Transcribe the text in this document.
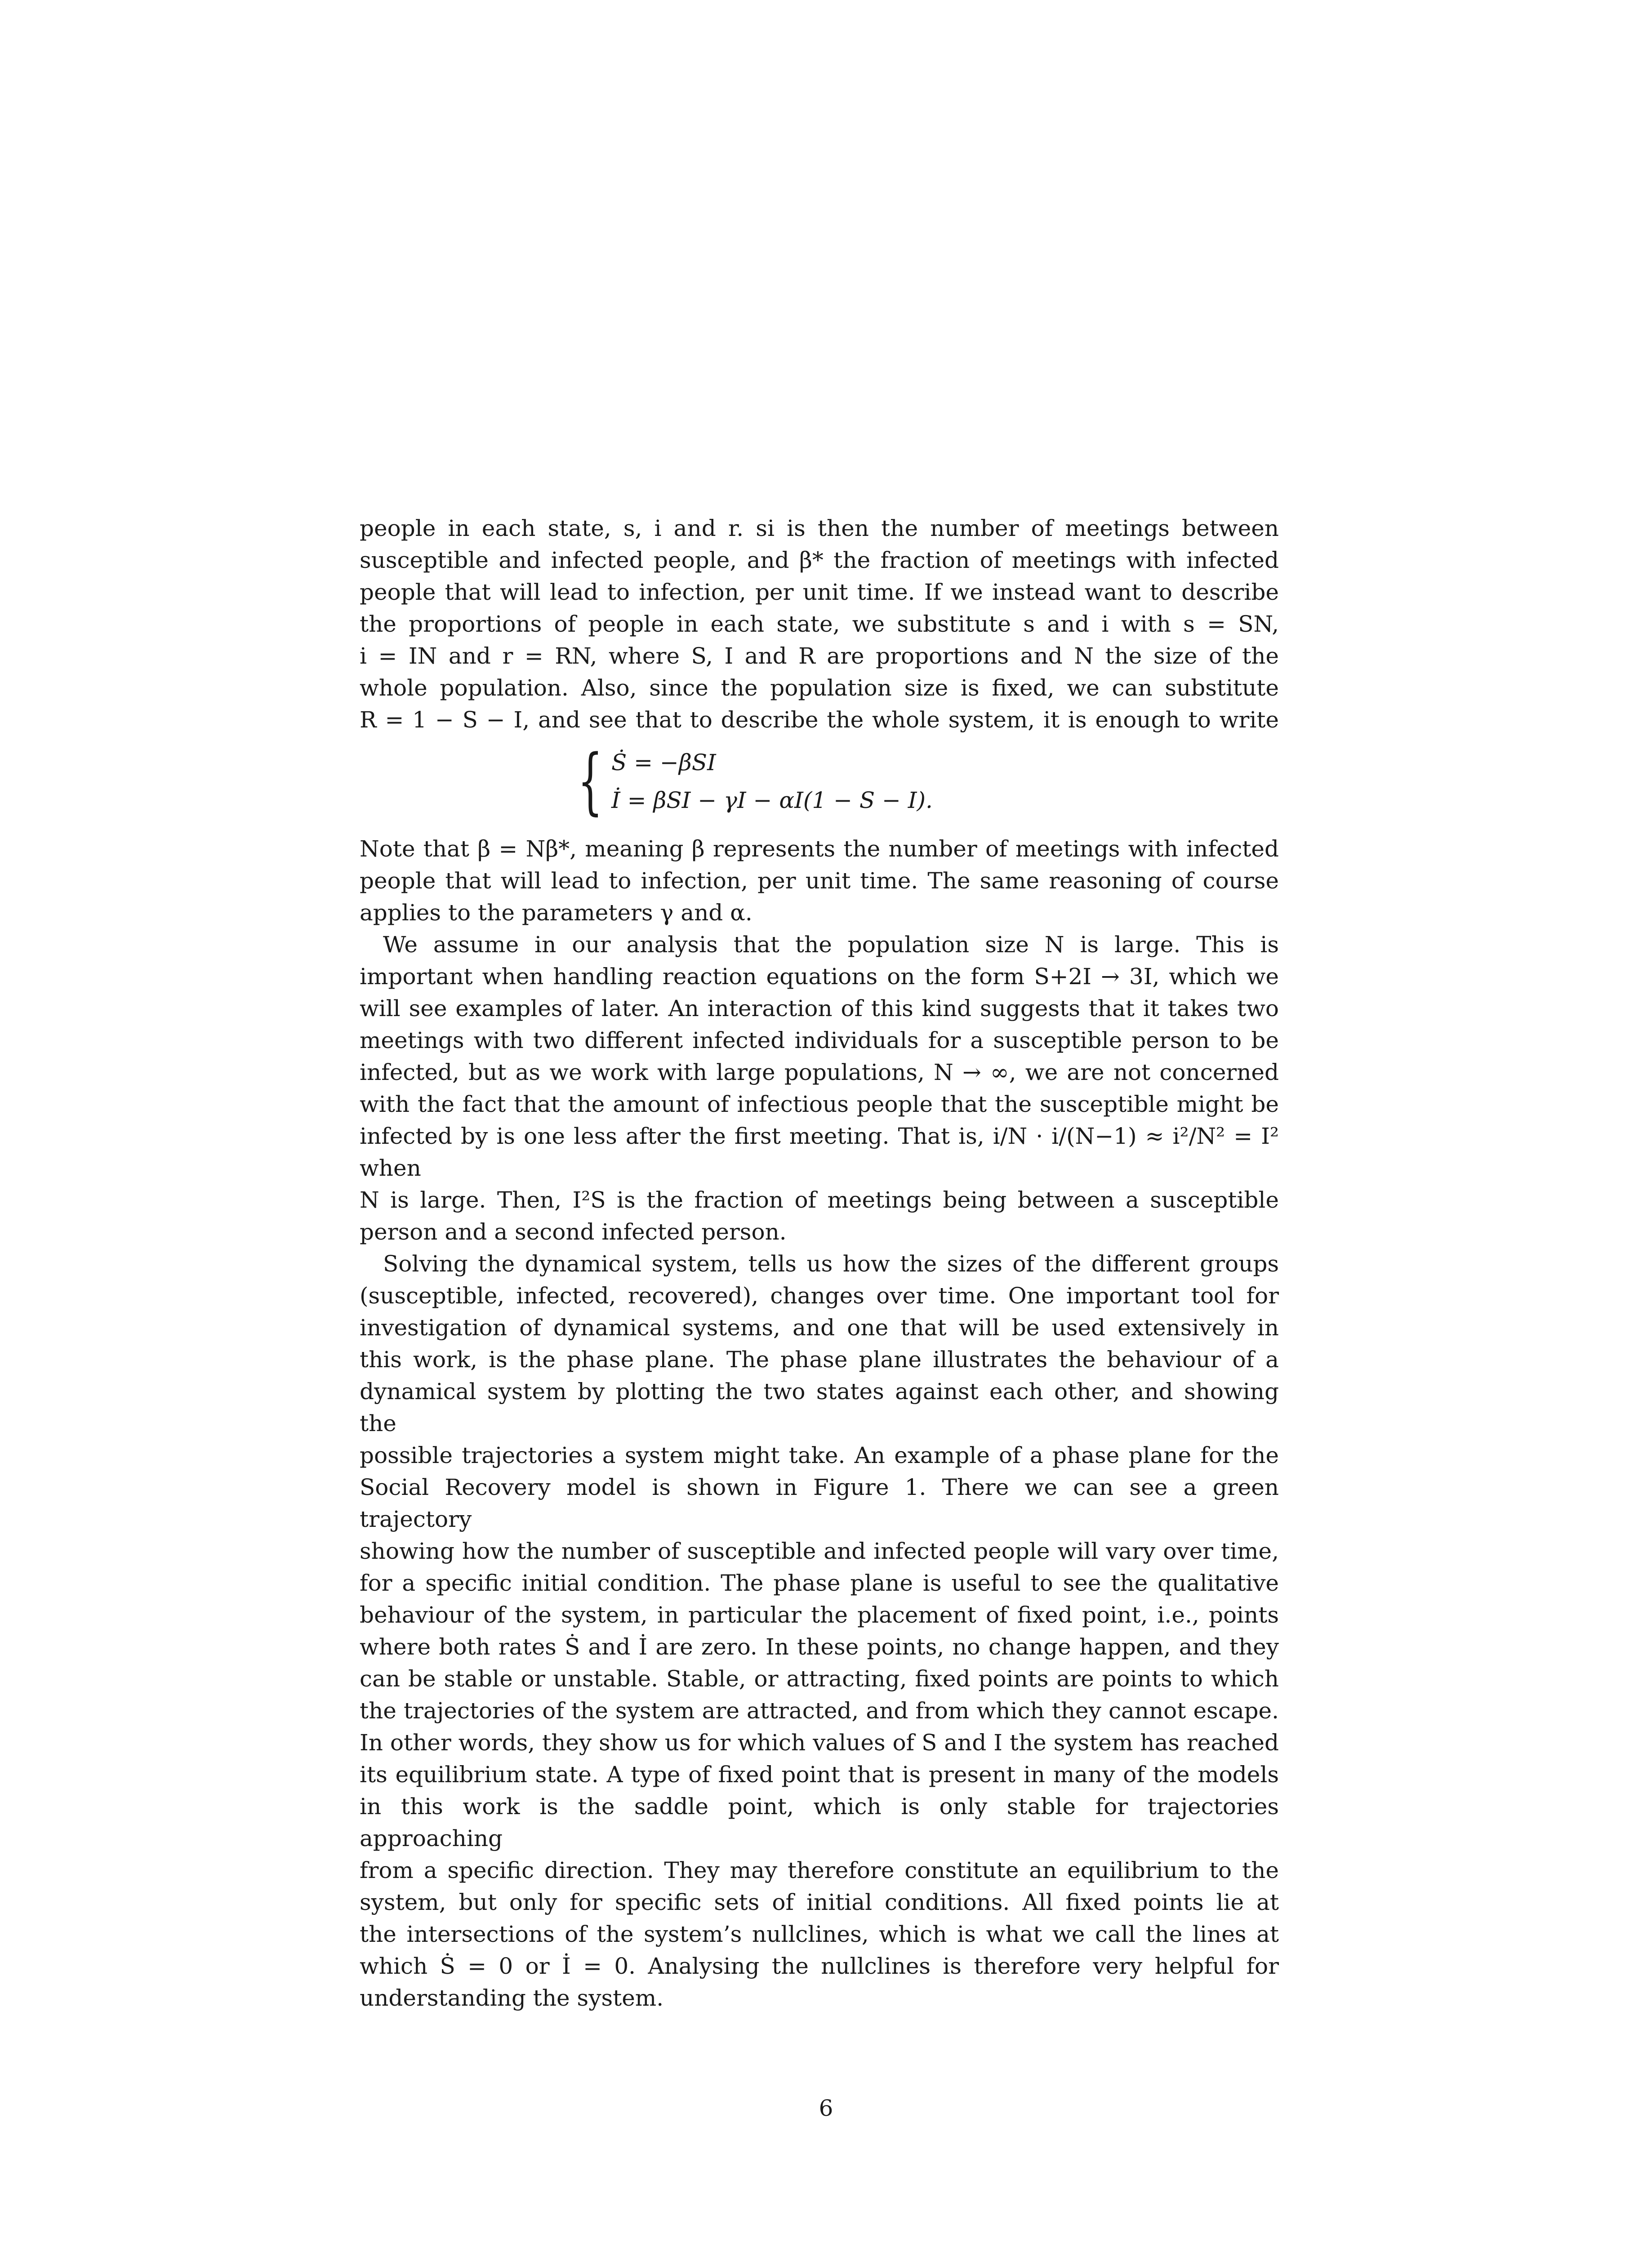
people in each state, s, i and r. si is then the number of meetings between
susceptible and infected people, and β* the fraction of meetings with infected
people that will lead to infection, per unit time. If we instead want to describe
the proportions of people in each state, we substitute s and i with s = SN,
i = IN and r = RN, where S, I and R are proportions and N the size of the
whole population. Also, since the population size is fixed, we can substitute
R = 1 − S − I, and see that to describe the whole system, it is enough to write

{ Ṡ = −βSI
İ = βSI − γI − αI(1 − S − I).

Note that β = Nβ*, meaning β represents the number of meetings with infected
people that will lead to infection, per unit time. The same reasoning of course
applies to the parameters γ and α.

We assume in our analysis that the population size N is large. This is
important when handling reaction equations on the form S+2I → 3I, which we
will see examples of later. An interaction of this kind suggests that it takes two
meetings with two different infected individuals for a susceptible person to be
infected, but as we work with large populations, N → ∞, we are not concerned
with the fact that the amount of infectious people that the susceptible might be
infected by is one less after the first meeting. That is, i/N · i/(N−1) ≈ i²/N² = I² when
N is large. Then, I²S is the fraction of meetings being between a susceptible
person and a second infected person.

Solving the dynamical system, tells us how the sizes of the different groups
(susceptible, infected, recovered), changes over time. One important tool for
investigation of dynamical systems, and one that will be used extensively in
this work, is the phase plane. The phase plane illustrates the behaviour of a
dynamical system by plotting the two states against each other, and showing the
possible trajectories a system might take. An example of a phase plane for the
Social Recovery model is shown in Figure 1. There we can see a green trajectory
showing how the number of susceptible and infected people will vary over time,
for a specific initial condition. The phase plane is useful to see the qualitative
behaviour of the system, in particular the placement of fixed point, i.e., points
where both rates Ṡ and İ are zero. In these points, no change happen, and they
can be stable or unstable. Stable, or attracting, fixed points are points to which
the trajectories of the system are attracted, and from which they cannot escape.
In other words, they show us for which values of S and I the system has reached
its equilibrium state. A type of fixed point that is present in many of the models
in this work is the saddle point, which is only stable for trajectories approaching
from a specific direction. They may therefore constitute an equilibrium to the
system, but only for specific sets of initial conditions. All fixed points lie at
the intersections of the system’s nullclines, which is what we call the lines at
which Ṡ = 0 or İ = 0. Analysing the nullclines is therefore very helpful for
understanding the system.

6
